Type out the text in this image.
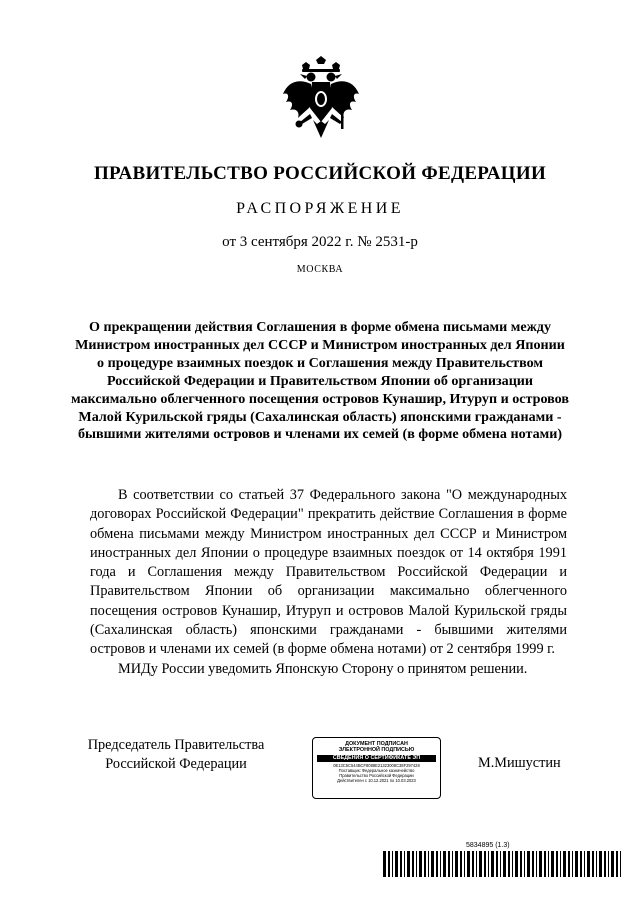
ПРАВИТЕЛЬСТВО РОССИЙСКОЙ ФЕДЕРАЦИИ
РАСПОРЯЖЕНИЕ
от 3 сентября 2022 г. № 2531-р
МОСКВА
О прекращении действия Соглашения в форме обмена письмами между Министром иностранных дел СССР и Министром иностранных дел Японии о процедуре взаимных поездок и Соглашения между Правительством Российской Федерации и Правительством Японии об организации максимально облегченного посещения островов Кунашир, Итуруп и островов Малой Курильской гряды (Сахалинская область) японскими гражданами - бывшими жителями островов и членами их семей (в форме обмена нотами)

В соответствии со статьей 37 Федерального закона "О международных договорах Российской Федерации" прекратить действие Соглашения в форме обмена письмами между Министром иностранных дел СССР и Министром иностранных дел Японии о процедуре взаимных поездок от 14 октября 1991 года и Соглашения между Правительством Российской Федерации и Правительством Японии об организации максимально облегченного посещения островов Кунашир, Итуруп и островов Малой Курильской гряды (Сахалинская область) японскими гражданами - бывшими жителями островов и членами их семей (в форме обмена нотами) от 2 сентября 1999 г.

МИДу России уведомить Японскую Сторону о принятом решении.

Председатель Правительства
Российской Федерации
ДОКУМЕНТ ПОДПИСАН
ЭЛЕКТРОННОЙ ПОДПИСЬЮ
СВЕДЕНИЯ О СЕРТИФИКАТЕ ЭП
0E13C5C544BCF8088E21323008C38F297428
Поставщик: Федеральное казначейство
Правительство Российской Федерации
Действителен с 10.12.2021 по 10.03.2023
М.Мишустин
5834895 (1.3)
